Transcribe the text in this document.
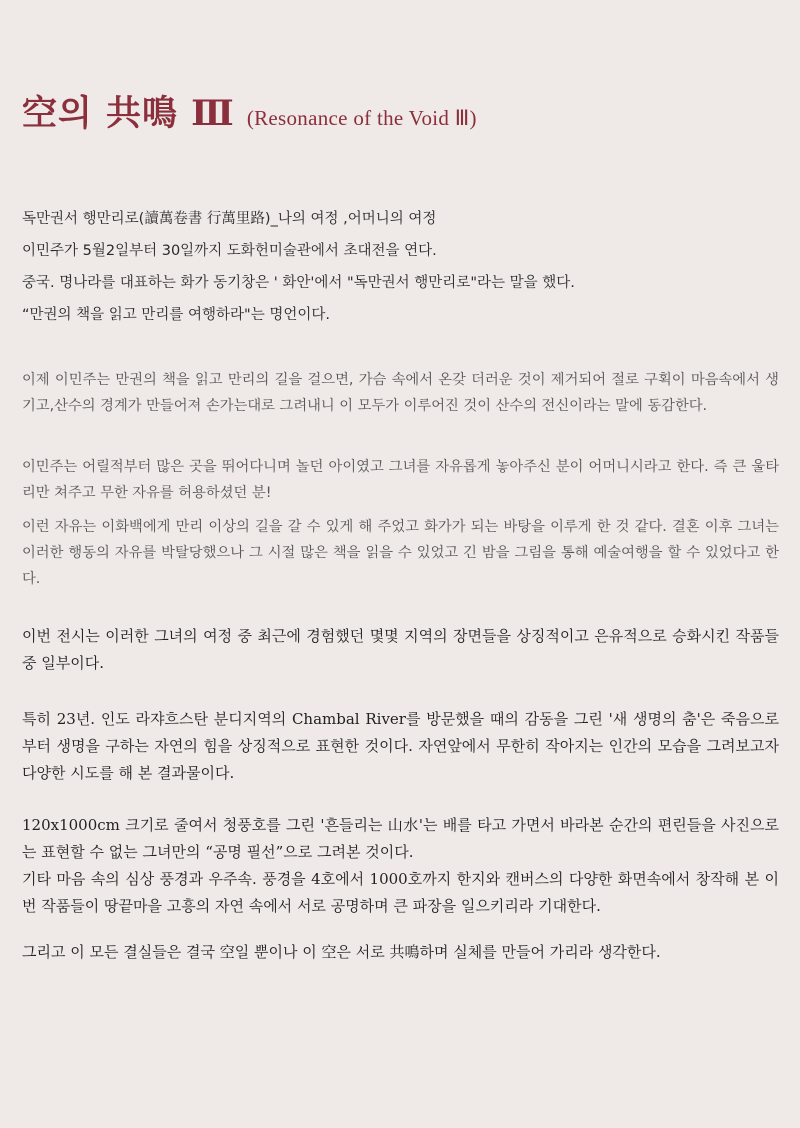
空의 共鳴 Ⅲ (Resonance of the Void Ⅲ)

독만권서 행만리로(讀萬卷書 行萬里路)_나의 여정 ,어머니의 여정

이민주가 5월2일부터 30일까지 도화헌미술관에서 초대전을 연다.

중국. 명나라를 대표하는 화가 동기창은 ' 화안'에서 "독만권서 행만리로"라는 말을 했다.

“만권의 책을 읽고 만리를 여행하라"는 명언이다.

이제 이민주는 만권의 책을 읽고 만리의 길을 걸으면, 가슴 속에서 온갖 더러운 것이 제거되어 절로 구획이 마음속에서 생기고,산수의 경계가 만들어져 손가는대로 그려내니 이 모두가 이루어진 것이 산수의 전신이라는 말에 동감한다.

이민주는 어릴적부터 많은 곳을 뛰어다니며 놀던 아이였고 그녀를 자유롭게 놓아주신 분이 어머니시라고 한다. 즉 큰 울타리만 쳐주고 무한 자유를 허용하셨던 분!

이런 자유는 이화백에게 만리 이상의 길을 갈 수 있게 해 주었고 화가가 되는 바탕을 이루게 한 것 같다. 결혼 이후 그녀는 이러한 행동의 자유를 박탈당했으나 그 시절 많은 책을 읽을 수 있었고 긴 밤을 그림을 통해 예술여행을 할 수 있었다고 한다.

이번 전시는 이러한 그녀의 여정 중 최근에 경험했던 몇몇 지역의 장면들을 상징적이고 은유적으로 승화시킨 작품들 중 일부이다.

특히 23년. 인도 라쟈흐스탄 분디지역의 Chambal River를 방문했을 때의 감동을 그린 '새 생명의 춤'은 죽음으로부터 생명을 구하는 자연의 힘을 상징적으로 표현한 것이다. 자연앞에서 무한히 작아지는 인간의 모습을 그려보고자 다양한 시도를 해 본 결과물이다.

120x1000cm 크기로 줄여서 청풍호를 그린 '흔들리는 山水'는 배를 타고 가면서 바라본 순간의 편린들을 사진으로는 표현할 수 없는 그녀만의 “공명 필선”으로 그려본 것이다.
기타 마음 속의 심상 풍경과 우주속. 풍경을 4호에서 1000호까지 한지와 캔버스의 다양한 화면속에서 창작해 본 이번 작품들이 땅끝마을 고흥의 자연 속에서 서로 공명하며 큰 파장을 일으키리라 기대한다.

그리고 이 모든 결실들은 결국 空일 뿐이나 이 空은 서로 共鳴하며 실체를 만들어 가리라 생각한다.
